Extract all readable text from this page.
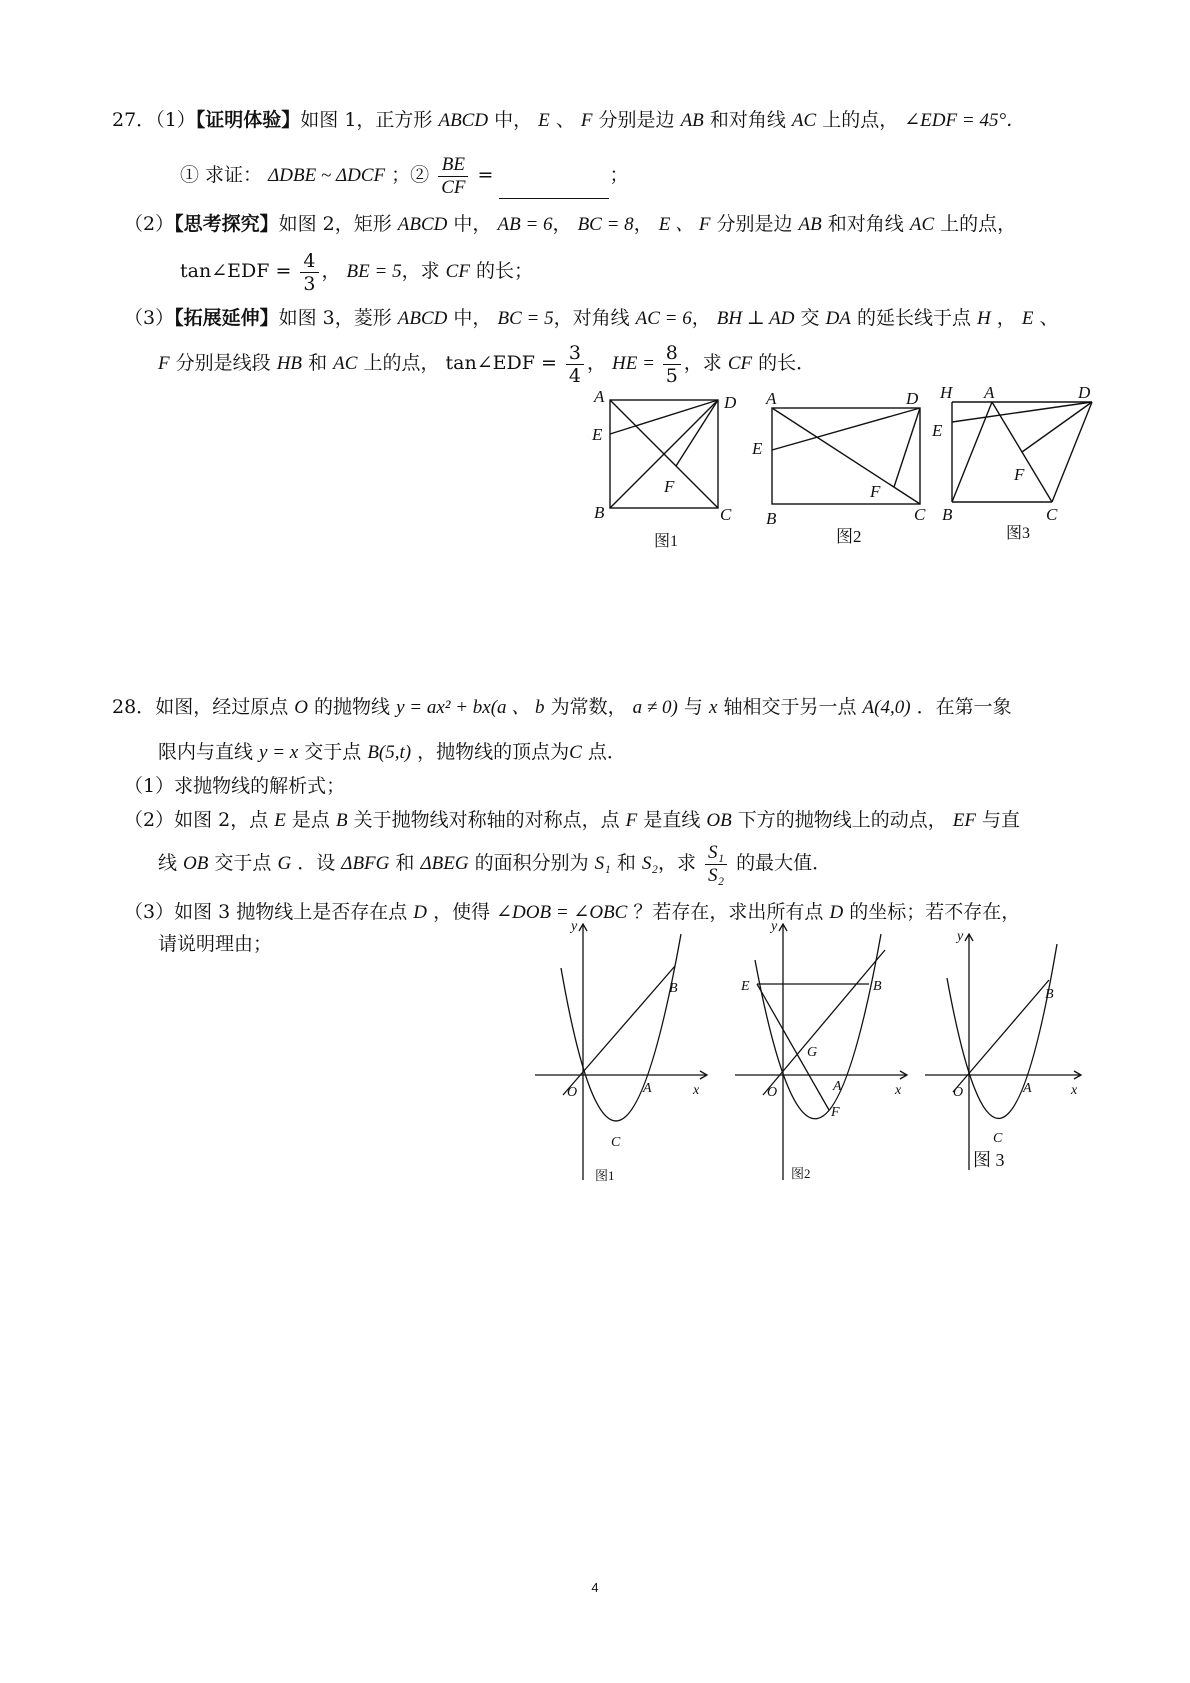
27．（1）【证明体验】如图 1，正方形 ABCD 中， E 、 F 分别是边 AB 和对角线 AC 上的点， ∠EDF = 45°．
① 求证： ΔDBE ~ ΔDCF ；② $\frac{BE}{CF}$ =	；
（2）【思考探究】如图 2，矩形 ABCD 中， AB = 6， BC = 8， E 、 F 分别是边 AB 和对角线 AC 上的点，
tan∠EDF = $\frac{4}{3}$ ， BE = 5，求 CF 的长；
（3）【拓展延伸】如图 3，菱形 ABCD 中， BC = 5，对角线 AC = 6， BH ⊥ AD 交 DA 的延长线于点 H ， E 、
F 分别是线段 HB 和 AC 上的点， tan∠EDF = $\frac{3}{4}$ ， HE = $\frac{8}{5}$ ，求 CF 的长．
A	D
E
F
B	C
图1
A	D
E
F
B	C
图2
H A	D
E
F
B	C
图3
28．如图，经过原点 O 的抛物线 y = ax² + bx(a 、 b 为常数， a ≠ 0) 与 x 轴相交于另一点 A(4,0) ．在第一象
限内与直线 y = x 交于点 B(5,t) ，抛物线的顶点为C 点．
（1）求抛物线的解析式；
（2）如图 2，点 E 是点 B 关于抛物线对称轴的对称点，点 F 是直线 OB 下方的抛物线上的动点， EF 与直
线 OB 交于点 G ．设 ΔBFG 和 ΔBEG 的面积分别为 S₁ 和 S₂，求 $\frac{\text{S₁}}{\text{S₂}}$ 的最大值．
（3）如图 3 抛物线上是否存在点 D ，使得 ∠DOB = ∠OBC ？若存在，求出所有点 D 的坐标；若不存在，
请说明理由；
y
x
O	A
B
C
图1
y
x
O
E	B
G
A
F
图2
y
x
O	A
B
C
图 3
4
